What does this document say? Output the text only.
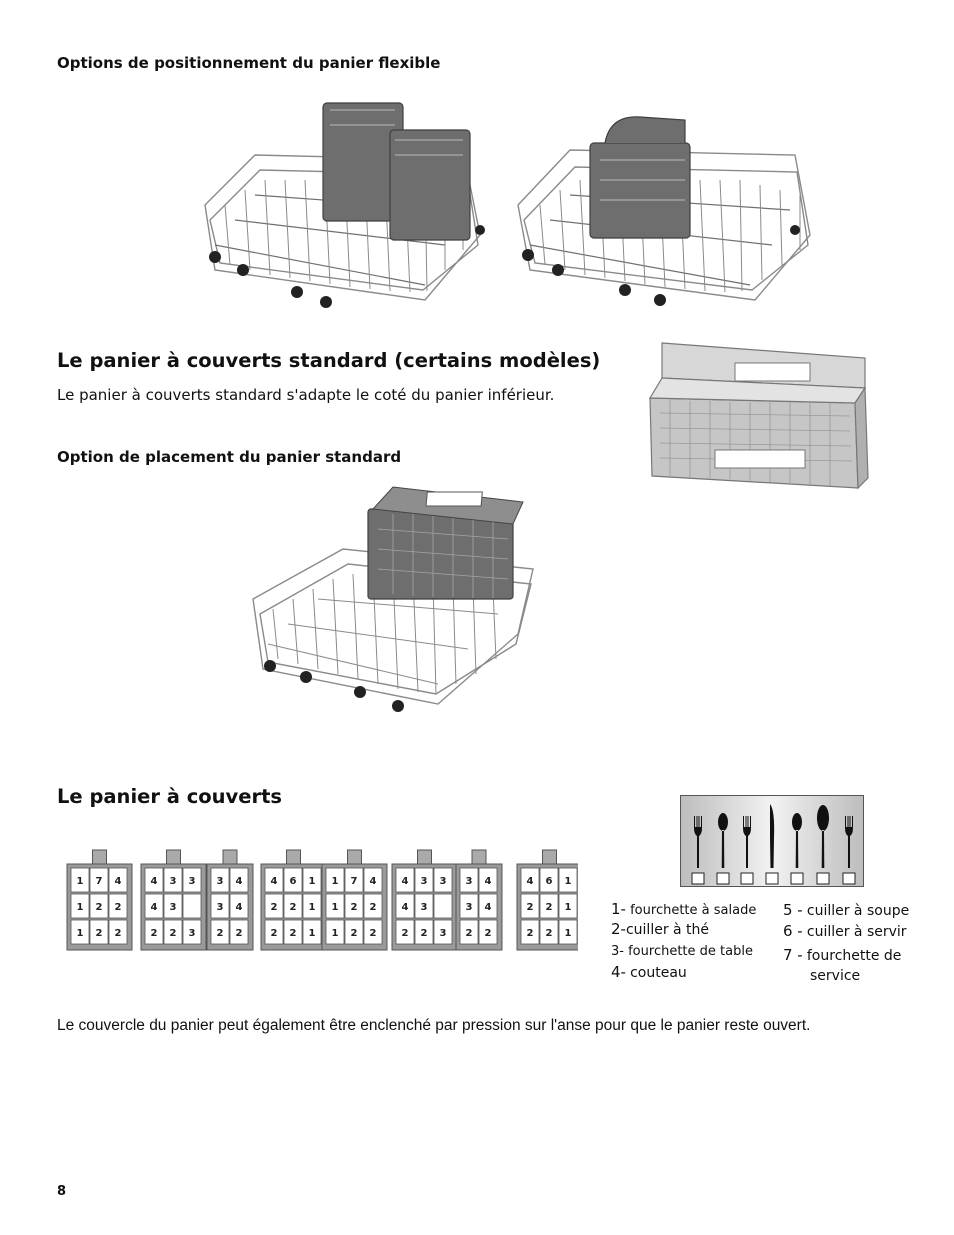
Options de positionnement du panier flexible
Le panier à couverts standard (certains modèles)
Le panier à couverts standard s'adapte le coté du panier inférieur.
Option de placement du panier standard
Le panier à couverts
1 7 4
1 2 2
1 2 2
4 3 3
4 3
2 2 3
3 4
3 4
2 2
4 6 1
2 2 1
2 2 1
1 7 4
1 2 2
1 2 2
4 3 3
4 3
2 2 3
3 4
3 4
2 2
4 6 1
2 2 1
2 2 1
1- fourchette à salade
2-cuiller à thé
3- fourchette de table
4- couteau
5 - cuiller à soupe
6 - cuiller à servir
7 - fourchette de
service
Le couvercle du panier peut également être enclenché par pression sur l'anse pour que le panier reste ouvert.
8
